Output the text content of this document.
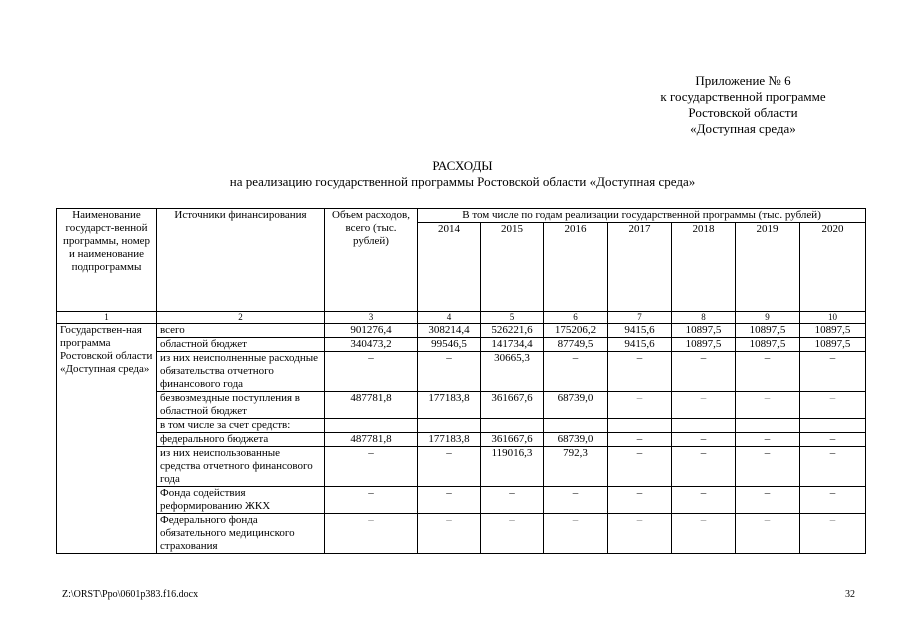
Приложение № 6
к государственной программе
Ростовской области
«Доступная среда»
РАСХОДЫ
на реализацию государственной программы Ростовской области «Доступная среда»
Наименование государст-венной программы, номер и наименование подпрограммы	Источники финансирования	Объем расходов, всего (тыс. рублей)	В том числе по годам реализации государственной программы (тыс. рублей)						
			2014	2015	2016	2017	2018	2019	2020
1	2	3	4	5	6	7	8	9	10
Государствен-ная программа Ростовской области «Доступная среда»	всего	901276,4	308214,4	526221,6	175206,2	9415,6	10897,5	10897,5	10897,5
	областной бюджет	340473,2	99546,5	141734,4	87749,5	9415,6	10897,5	10897,5	10897,5
	из них неисполненные расходные обязательства отчетного финансового года	–	–	30665,3	–	–	–	–	–
	безвозмездные поступления в областной бюджет	487781,8	177183,8	361667,6	68739,0	–	–	–	–
	в том числе за счет средств:								
	федерального бюджета	487781,8	177183,8	361667,6	68739,0	–	–	–	–
	из них неиспользованные средства отчетного финансового года	–	–	119016,3	792,3	–	–	–	–
	Фонда содействия реформированию ЖКХ	–	–	–	–	–	–	–	–
	Федерального фонда обязательного медицинского страхования	–	–	–	–	–	–	–	–
Z:\ORST\Ppo\0601p383.f16.docx	32
